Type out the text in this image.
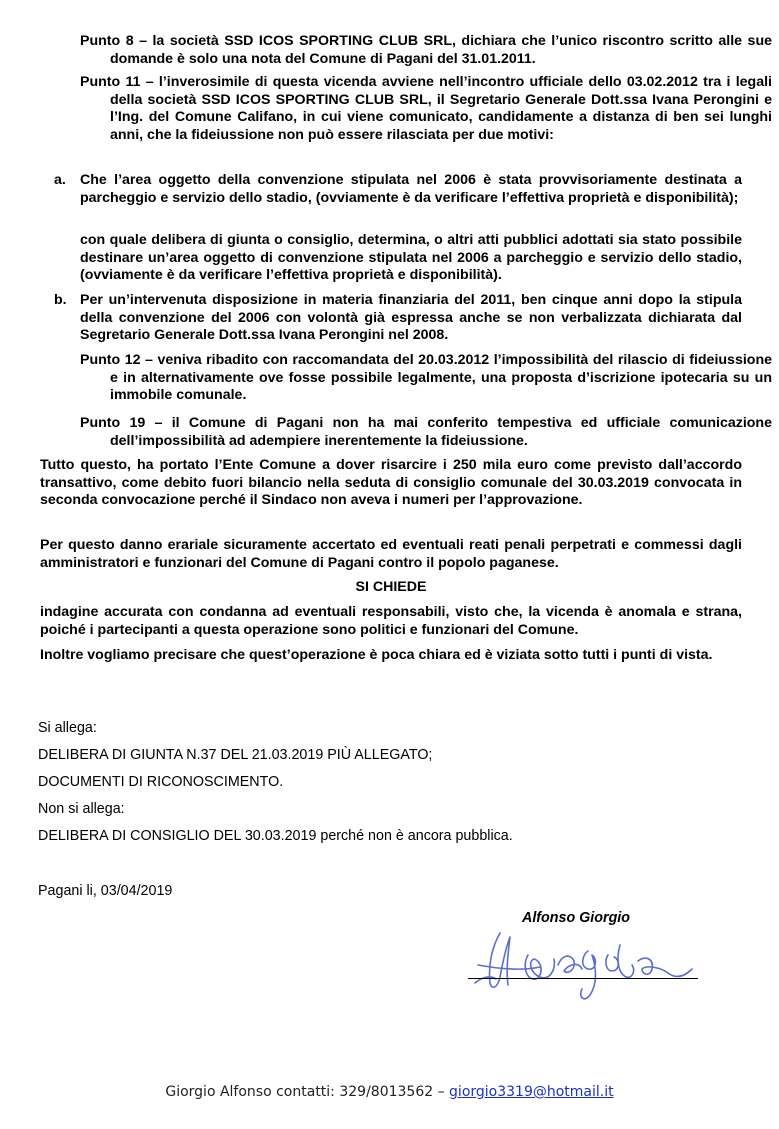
Punto 8 – la società SSD ICOS SPORTING CLUB SRL, dichiara che l’unico riscontro scritto alle sue domande è solo una nota del Comune di Pagani del 31.01.2011.

Punto 11 – l’inverosimile di questa vicenda avviene nell’incontro ufficiale dello 03.02.2012 tra i legali della società SSD ICOS SPORTING CLUB SRL, il Segretario Generale Dott.ssa Ivana Perongini e l’Ing. del Comune Califano, in cui viene comunicato, candidamente a distanza di ben sei lunghi anni, che la fideiussione non può essere rilasciata per due motivi:

a. Che l’area oggetto della convenzione stipulata nel 2006 è stata provvisoriamente destinata a parcheggio e servizio dello stadio, (ovviamente è da verificare l’effettiva proprietà e disponibilità);

con quale delibera di giunta o consiglio, determina, o altri atti pubblici adottati sia stato possibile destinare un’area oggetto di convenzione stipulata nel 2006 a parcheggio e servizio dello stadio, (ovviamente è da verificare l’effettiva proprietà e disponibilità).

b. Per un’intervenuta disposizione in materia finanziaria del 2011, ben cinque anni dopo la stipula della convenzione del 2006 con volontà già espressa anche se non verbalizzata dichiarata dal Segretario Generale Dott.ssa Ivana Perongini nel 2008.

Punto 12 – veniva ribadito con raccomandata del 20.03.2012 l’impossibilità del rilascio di fideiussione e in alternativamente ove fosse possibile legalmente, una proposta d’iscrizione ipotecaria su un immobile comunale.

Punto 19 – il Comune di Pagani non ha mai conferito tempestiva ed ufficiale comunicazione dell’impossibilità ad adempiere inerentemente la fideiussione.

Tutto questo, ha portato l’Ente Comune a dover risarcire i 250 mila euro come previsto dall’accordo transattivo, come debito fuori bilancio nella seduta di consiglio comunale del 30.03.2019 convocata in seconda convocazione perché il Sindaco non aveva i numeri per l’approvazione.

Per questo danno erariale sicuramente accertato ed eventuali reati penali perpetrati e commessi dagli amministratori e funzionari del Comune di Pagani contro il popolo paganese.

SI CHIEDE

indagine accurata con condanna ad eventuali responsabili, visto che, la vicenda è anomala e strana, poiché i partecipanti a questa operazione sono politici e funzionari del Comune.

Inoltre vogliamo precisare che quest’operazione è poca chiara ed è viziata sotto tutti i punti di vista.

Si allega:

DELIBERA DI GIUNTA N.37 DEL 21.03.2019 PIÙ ALLEGATO;

DOCUMENTI DI RICONOSCIMENTO.

Non si allega:

DELIBERA DI CONSIGLIO DEL 30.03.2019 perché non è ancora pubblica.

Pagani li, 03/04/2019

Alfonso Giorgio
Giorgio Alfonso contatti: 329/8013562 – giorgio3319@hotmail.it
